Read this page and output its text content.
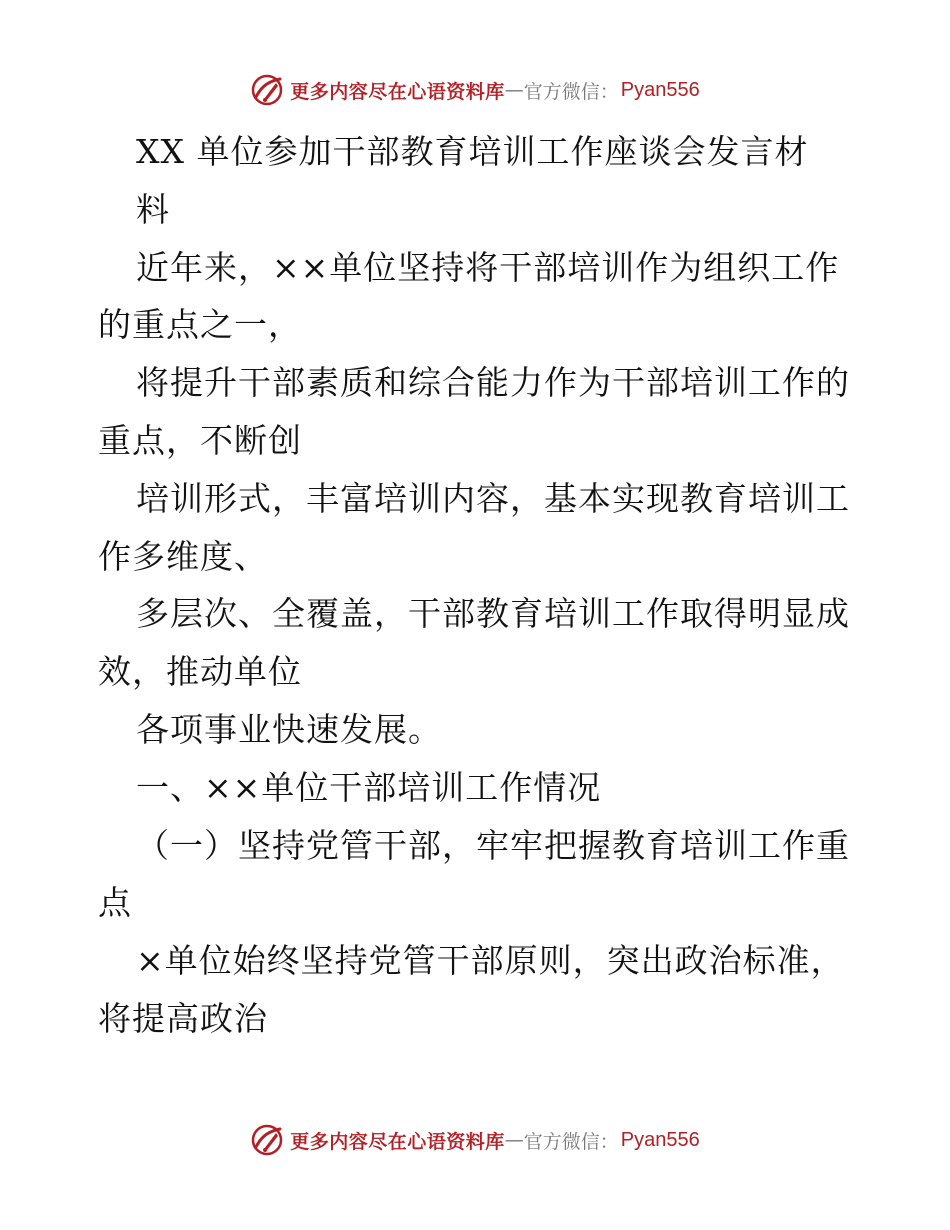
更多内容尽在心语资料库 — 官方微信： Pyan556
XX 单位参加干部教育培训工作座谈会发言材
料
近年来，××单位坚持将干部培训作为组织工作
的重点之一，
将提升干部素质和综合能力作为干部培训工作的
重点，不断创
培训形式，丰富培训内容，基本实现教育培训工
作多维度、
多层次、全覆盖，干部教育培训工作取得明显成
效，推动单位
各项事业快速发展。
一、××单位干部培训工作情况
（一）坚持党管干部，牢牢把握教育培训工作重
点
×单位始终坚持党管干部原则，突出政治标准，
将提高政治
更多内容尽在心语资料库 — 官方微信： Pyan556
